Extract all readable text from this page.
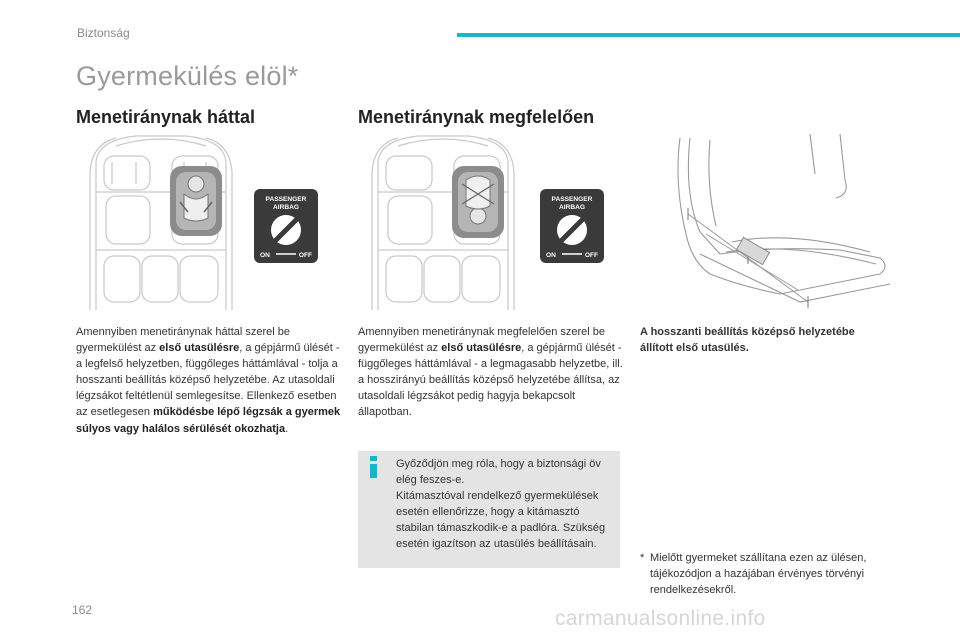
Biztonság
Gyermekülés elöl*
Menetiránynak háttal	Menetiránynak megfelelően
PASSENGER
AIRBAG
ON	OFF
PASSENGER
AIRBAG
ON	OFF
Amennyiben menetiránynak háttal szerel be gyermekülést az első utasülésre, a gépjármű ülését - a legfelső helyzetben, függőleges háttámlával - tolja a hosszanti beállítás középső helyzetébe. Az utasoldali légzsákot feltétlenül semlegesítse. Ellenkező esetben az esetlegesen működésbe lépő légzsák a gyermek súlyos vagy halálos sérülését okozhatja.
Amennyiben menetiránynak megfelelően szerel be gyermekülést az első utasülésre, a gépjármű ülését - függőleges háttámlával - a legmagasabb helyzetbe, ill. a hosszirányú beállítás középső helyzetébe állítsa, az utasoldali légzsákot pedig hagyja bekapcsolt állapotban.
A hosszanti beállítás középső helyzetébe állított első utasülés.
Győződjön meg róla, hogy a biztonsági öv elég feszes-e.
Kitámasztóval rendelkező gyermekülések esetén ellenőrizze, hogy a kitámasztó stabilan támaszkodik-e a padlóra. Szükség esetén igazítson az utasülés beállításain.
* Mielőtt gyermeket szállítana ezen az ülésen, tájékozódjon a hazájában érvényes törvényi rendelkezésekről.
162	carmanualsonline.info
